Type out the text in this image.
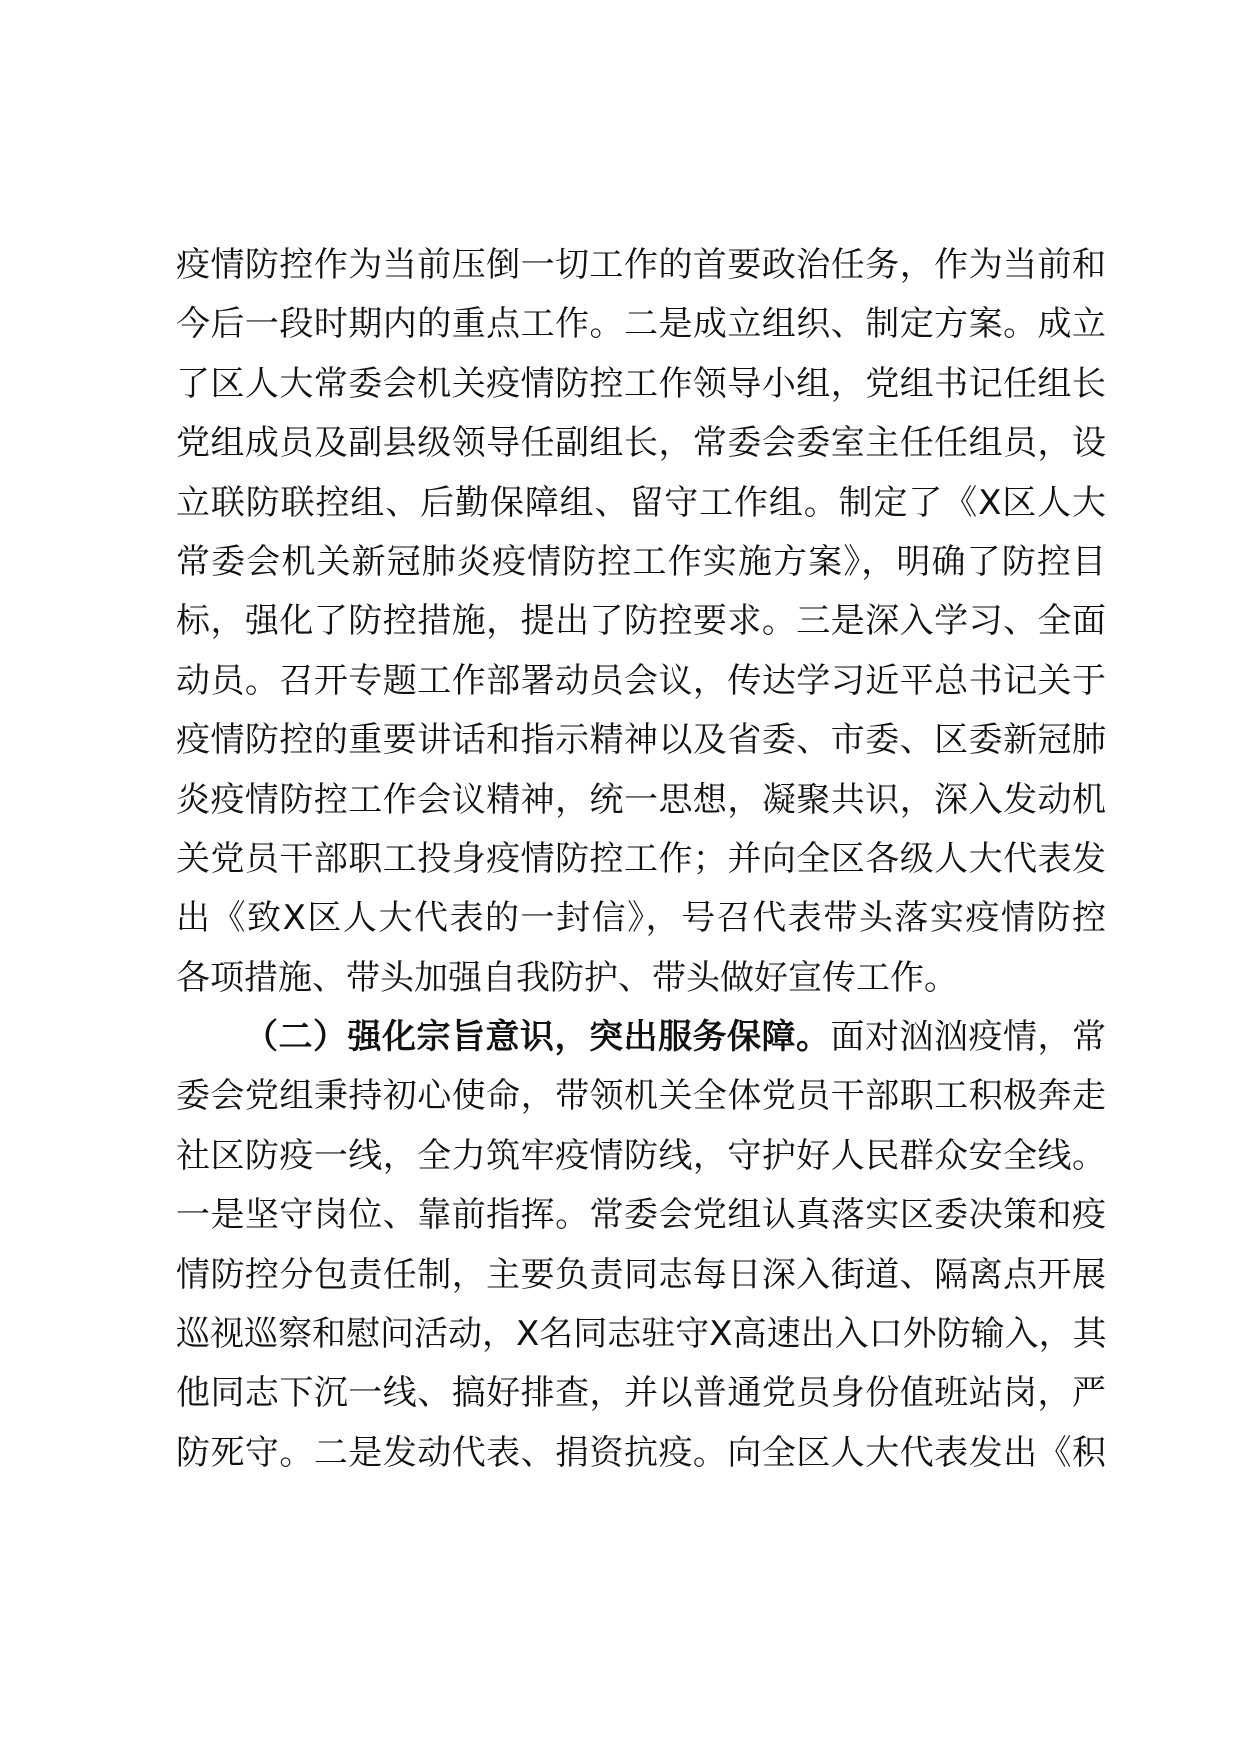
疫情防控作为当前压倒一切工作的首要政治任务，作为当前和
今后一段时期内的重点工作。二是成立组织、制定方案。成立
了区人大常委会机关疫情防控工作领导小组，党组书记任组长
党组成员及副县级领导任副组长，常委会委室主任任组员，设
立联防联控组、后勤保障组、留守工作组。制定了《X区人大
常委会机关新冠肺炎疫情防控工作实施方案》，明确了防控目
标，强化了防控措施，提出了防控要求。三是深入学习、全面
动员。召开专题工作部署动员会议，传达学习近平总书记关于
疫情防控的重要讲话和指示精神以及省委、市委、区委新冠肺
炎疫情防控工作会议精神，统一思想，凝聚共识，深入发动机
关党员干部职工投身疫情防控工作；并向全区各级人大代表发
出《致X区人大代表的一封信》，号召代表带头落实疫情防控
各项措施、带头加强自我防护、带头做好宣传工作。
（二）强化宗旨意识，突出服务保障。面对汹汹疫情，常
委会党组秉持初心使命，带领机关全体党员干部职工积极奔走
社区防疫一线，全力筑牢疫情防线，守护好人民群众安全线。
一是坚守岗位、靠前指挥。常委会党组认真落实区委决策和疫
情防控分包责任制，主要负责同志每日深入街道、隔离点开展
巡视巡察和慰问活动，X名同志驻守X高速出入口外防输入，其
他同志下沉一线、搞好排查，并以普通党员身份值班站岗，严
防死守。二是发动代表、捐资抗疫。向全区人大代表发出《积
